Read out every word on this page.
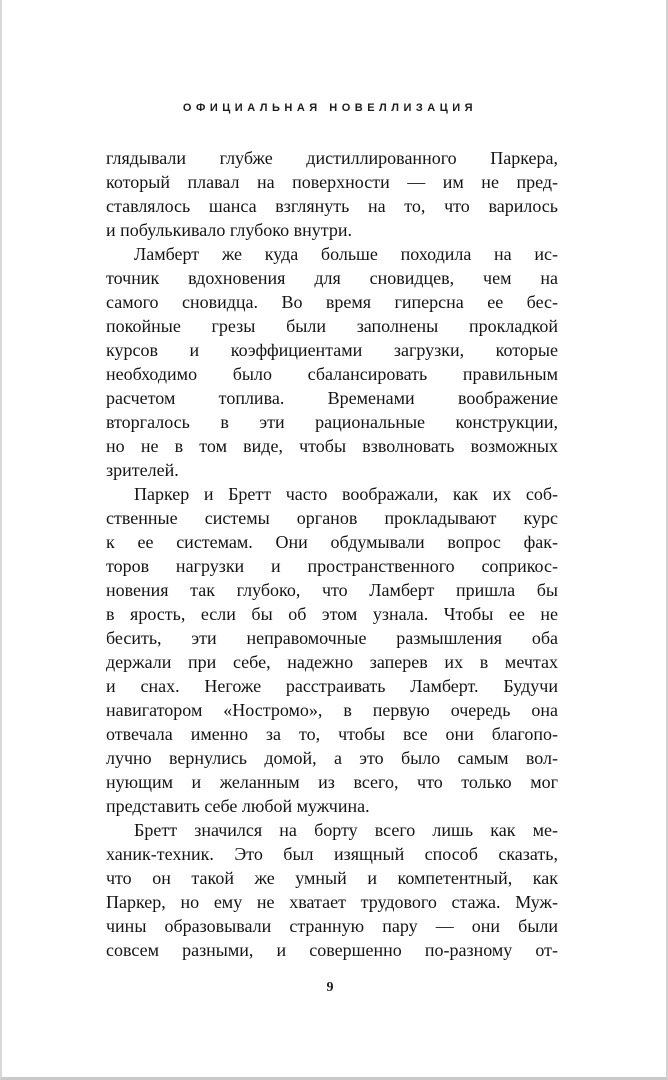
ОФИЦИАЛЬНАЯ НОВЕЛЛИЗАЦИЯ
глядывали глубже дистиллированного Паркера,
который плавал на поверхности — им не пред-
ставлялось шанса взглянуть на то, что варилось
и побулькивало глубоко внутри.
Ламберт же куда больше походила на ис-
точник вдохновения для сновидцев, чем на
самого сновидца. Во время гиперсна ее бес-
покойные грезы были заполнены прокладкой
курсов и коэффициентами загрузки, которые
необходимо было сбалансировать правильным
расчетом топлива. Временами воображение
вторгалось в эти рациональные конструкции,
но не в том виде, чтобы взволновать возможных
зрителей.
Паркер и Бретт часто воображали, как их соб-
ственные системы органов прокладывают курс
к ее системам. Они обдумывали вопрос фак-
торов нагрузки и пространственного соприкос-
новения так глубоко, что Ламберт пришла бы
в ярость, если бы об этом узнала. Чтобы ее не
бесить, эти неправомочные размышления оба
держали при себе, надежно заперев их в мечтах
и снах. Негоже расстраивать Ламберт. Будучи
навигатором «Ностромо», в первую очередь она
отвечала именно за то, чтобы все они благопо-
лучно вернулись домой, а это было самым вол-
нующим и желанным из всего, что только мог
представить себе любой мужчина.
Бретт значился на борту всего лишь как ме-
ханик-техник. Это был изящный способ сказать,
что он такой же умный и компетентный, как
Паркер, но ему не хватает трудового стажа. Муж-
чины образовывали странную пару — они были
совсем разными, и совершенно по-разному от-
9
